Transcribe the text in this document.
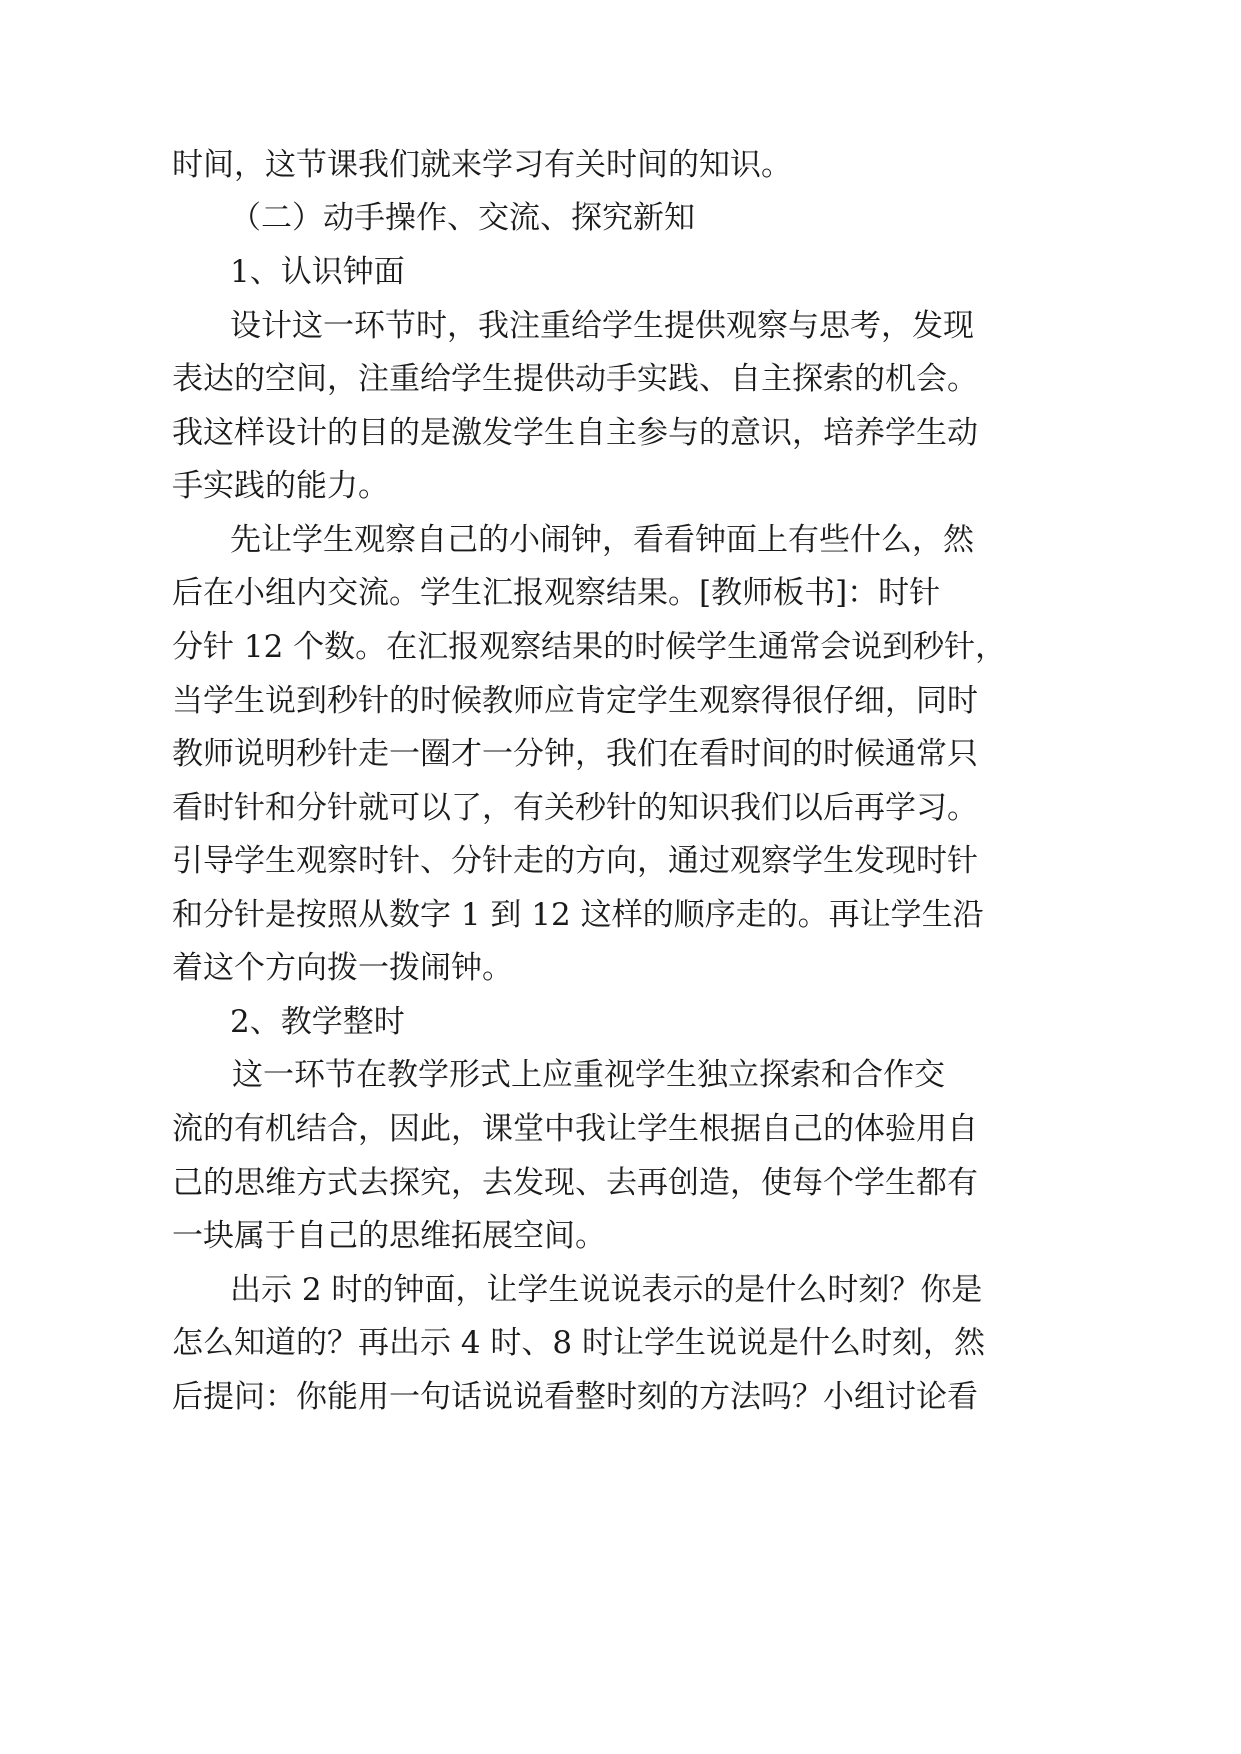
时间，这节课我们就来学习有关时间的知识。
（二）动手操作、交流、探究新知
1、认识钟面
设计这一环节时，我注重给学生提供观察与思考，发现
表达的空间，注重给学生提供动手实践、自主探索的机会。
我这样设计的目的是激发学生自主参与的意识，培养学生动
手实践的能力。
先让学生观察自己的小闹钟，看看钟面上有些什么，然
后在小组内交流。学生汇报观察结果。[教师板书]：时针
分针 12 个数。在汇报观察结果的时候学生通常会说到秒针，
当学生说到秒针的时候教师应肯定学生观察得很仔细，同时
教师说明秒针走一圈才一分钟，我们在看时间的时候通常只
看时针和分针就可以了，有关秒针的知识我们以后再学习。
引导学生观察时针、分针走的方向，通过观察学生发现时针
和分针是按照从数字 1 到 12 这样的顺序走的。再让学生沿
着这个方向拨一拨闹钟。
2、教学整时
这一环节在教学形式上应重视学生独立探索和合作交
流的有机结合，因此，课堂中我让学生根据自己的体验用自
己的思维方式去探究，去发现、去再创造，使每个学生都有
一块属于自己的思维拓展空间。
出示 2 时的钟面，让学生说说表示的是什么时刻？你是
怎么知道的？再出示 4 时、8 时让学生说说是什么时刻，然
后提问：你能用一句话说说看整时刻的方法吗？小组讨论看
